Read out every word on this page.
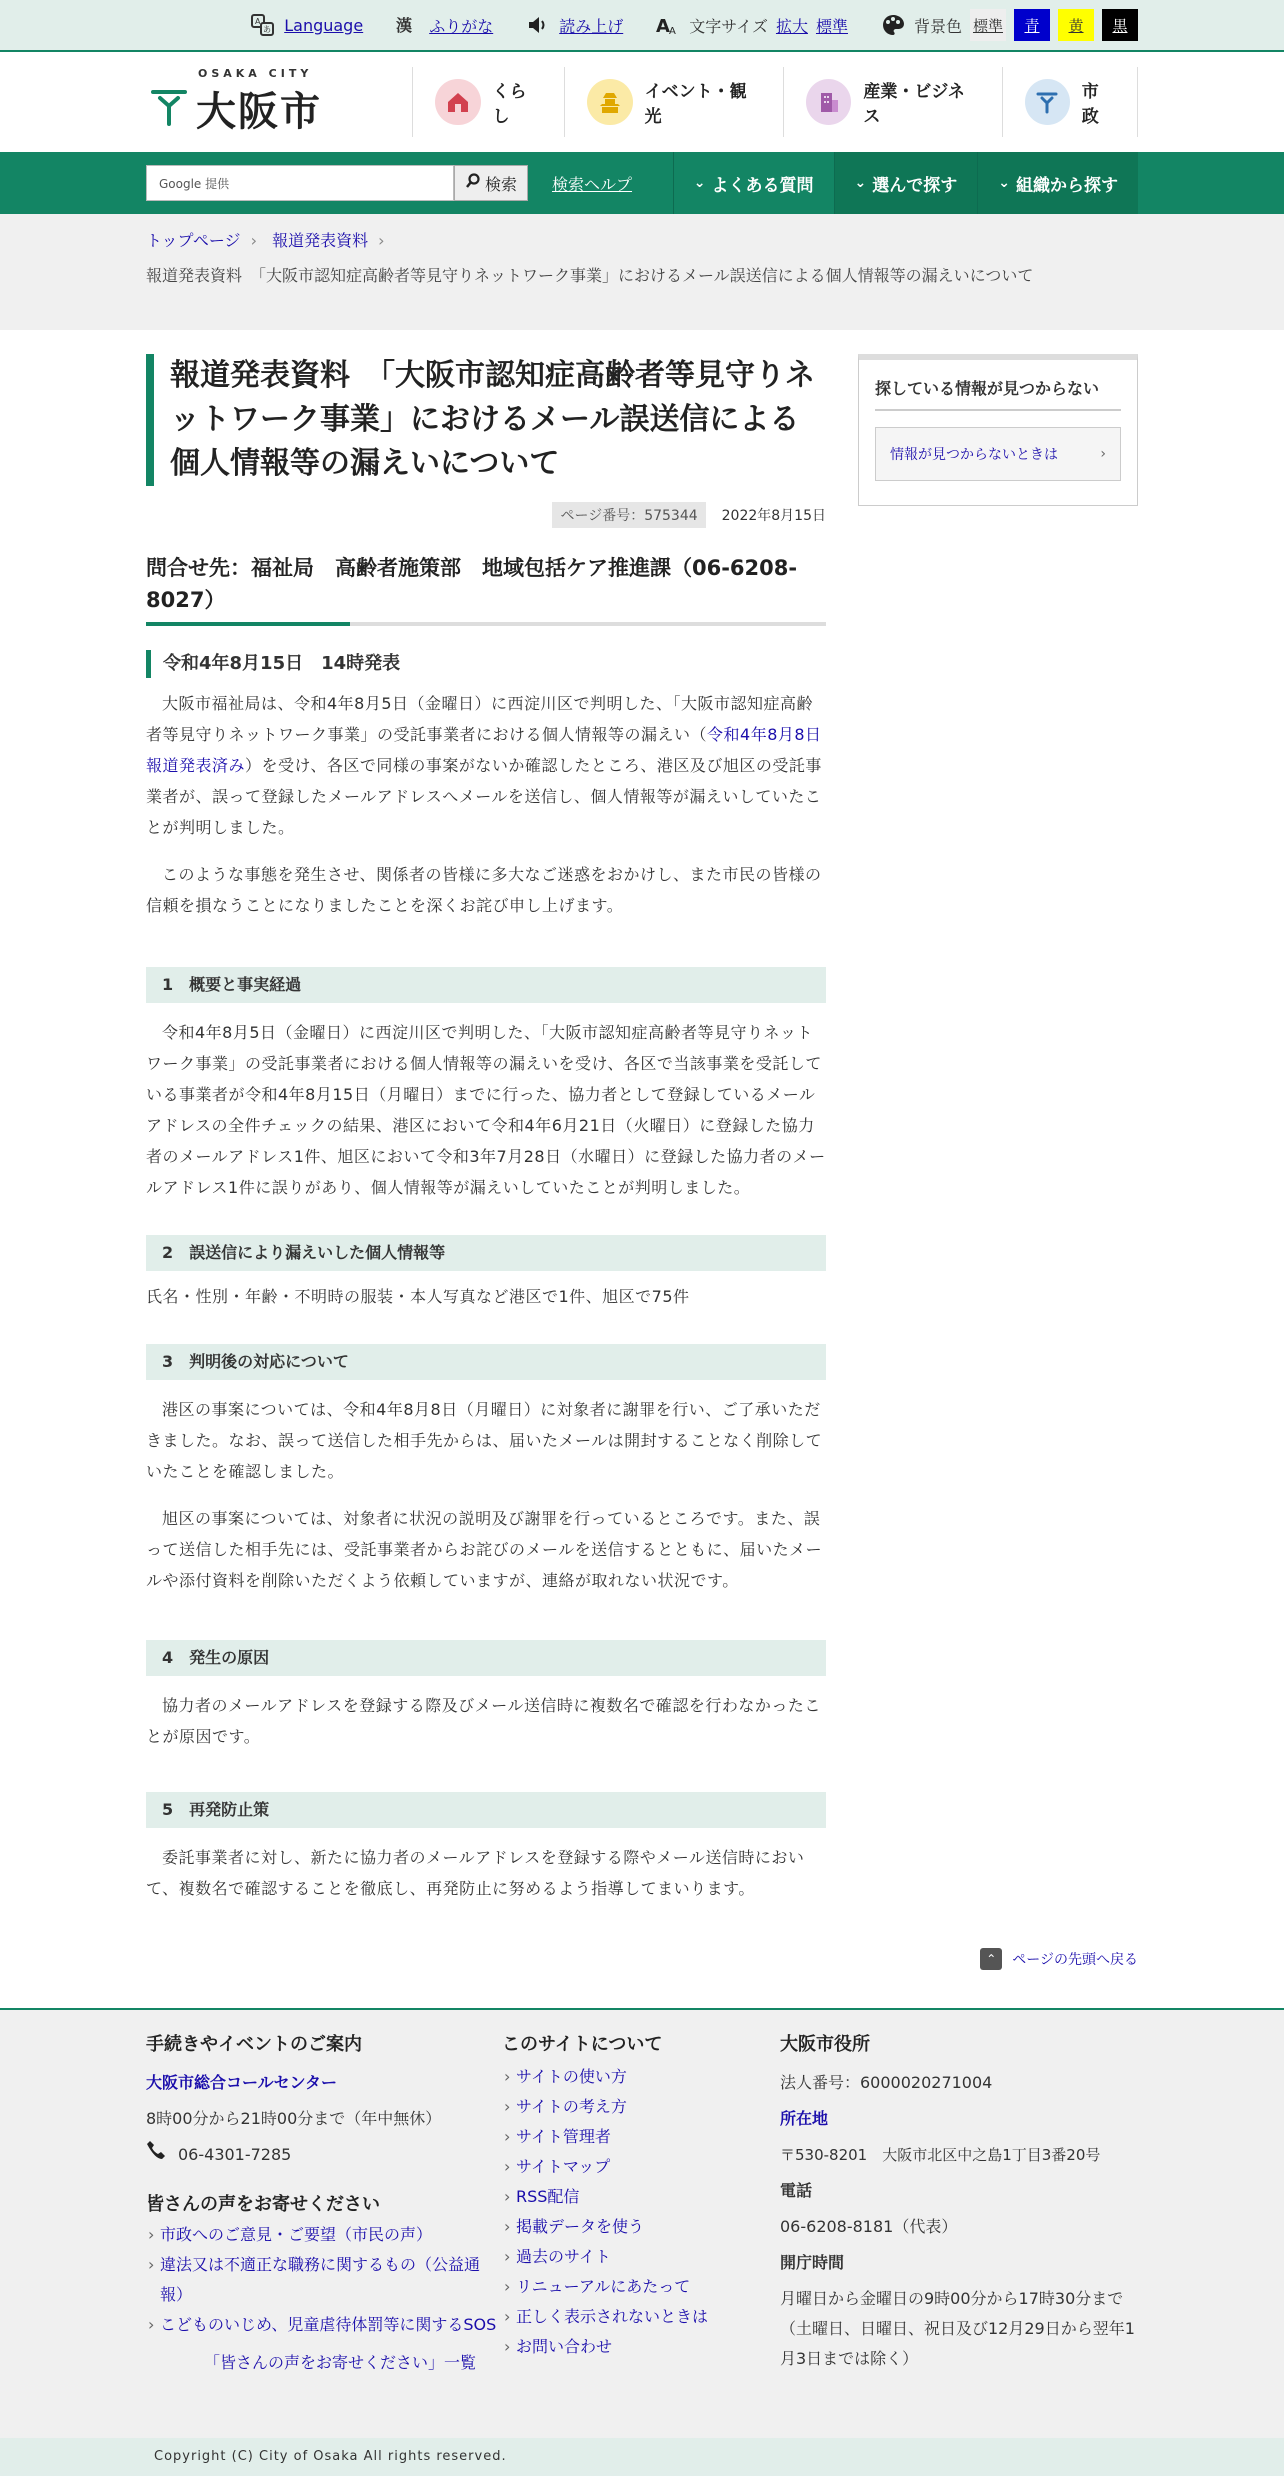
A
あ Language 漢 ふりがな	読み上げ A A 文字サイズ 拡大 標準	背景色 標準	青	黄	黒
OSAKA CITY
大阪市	くらし
イベント・観光
産業・ビジネス
市政
Google 提供	検索 検索ヘルプ	⌄ よくある質問	⌄ 選んで探す	⌄ 組織から探す
トップページ › 報道発表資料 ›
報道発表資料　「大阪市認知症高齢者等見守りネットワーク事業」におけるメール誤送信による個人情報等の漏えいについて
報道発表資料　「大阪市認知症高齢者等見守りネットワーク事業」におけるメール誤送信による個人情報等の漏えいについて
ページ番号：575344	2022年8月15日
問合せ先：福祉局　高齢者施策部　地域包括ケア推進課（06-6208-8027）
令和4年8月15日　14時発表

大阪市福祉局は、令和4年8月5日（金曜日）に西淀川区で判明した、「大阪市認知症高齢者等見守りネットワーク事業」の受託事業者における個人情報等の漏えい（令和4年8月8日報道発表済み）を受け、各区で同様の事案がないか確認したところ、港区及び旭区の受託事業者が、誤って登録したメールアドレスへメールを送信し、個人情報等が漏えいしていたことが判明しました。

このような事態を発生させ、関係者の皆様に多大なご迷惑をおかけし、また市民の皆様の信頼を損なうことになりましたことを深くお詫び申し上げます。

1　概要と事実経過

令和4年8月5日（金曜日）に西淀川区で判明した、「大阪市認知症高齢者等見守りネットワーク事業」の受託事業者における個人情報等の漏えいを受け、各区で当該事業を受託している事業者が令和4年8月15日（月曜日）までに行った、協力者として登録しているメールアドレスの全件チェックの結果、港区において令和4年6月21日（火曜日）に登録した協力者のメールアドレス1件、旭区において令和3年7月28日（水曜日）に登録した協力者のメールアドレス1件に誤りがあり、個人情報等が漏えいしていたことが判明しました。

2　誤送信により漏えいした個人情報等

氏名・性別・年齢・不明時の服装・本人写真など港区で1件、旭区で75件

3　判明後の対応について

港区の事案については、令和4年8月8日（月曜日）に対象者に謝罪を行い、ご了承いただきました。なお、誤って送信した相手先からは、届いたメールは開封することなく削除していたことを確認しました。

旭区の事案については、対象者に状況の説明及び謝罪を行っているところです。また、誤って送信した相手先には、受託事業者からお詫びのメールを送信するとともに、届いたメールや添付資料を削除いただくよう依頼していますが、連絡が取れない状況です。

4　発生の原因

協力者のメールアドレスを登録する際及びメール送信時に複数名で確認を行わなかったことが原因です。

5　再発防止策

委託事業者に対し、新たに協力者のメールアドレスを登録する際やメール送信時において、複数名で確認することを徹底し、再発防止に努めるよう指導してまいります。

探している情報が見つからない
情報が見つからないときは	›
⌃	ページの先頭へ戻る
手続きやイベントのご案内
大阪市総合コールセンター
8時00分から21時00分まで（年中無休）
06-4301-7285
皆さんの声をお寄せください
› 市政へのご意見・ご要望（市民の声）
› 違法又は不適正な職務に関するもの（公益通報）
› こどものいじめ、児童虐待体罰等に関するSOS
「皆さんの声をお寄せください」一覧
このサイトについて
› サイトの使い方
› サイトの考え方
› サイト管理者
› サイトマップ
› RSS配信
› 掲載データを使う
› 過去のサイト
› リニューアルにあたって
› 正しく表示されないときは
› お問い合わせ
大阪市役所
法人番号：6000020271004
所在地
〒530-8201　大阪市北区中之島1丁目3番20号
電話
06-6208-8181（代表）
開庁時間
月曜日から金曜日の9時00分から17時30分まで
（土曜日、日曜日、祝日及び12月29日から翌年1月3日までは除く）
Copyright (C) City of Osaka All rights reserved.
